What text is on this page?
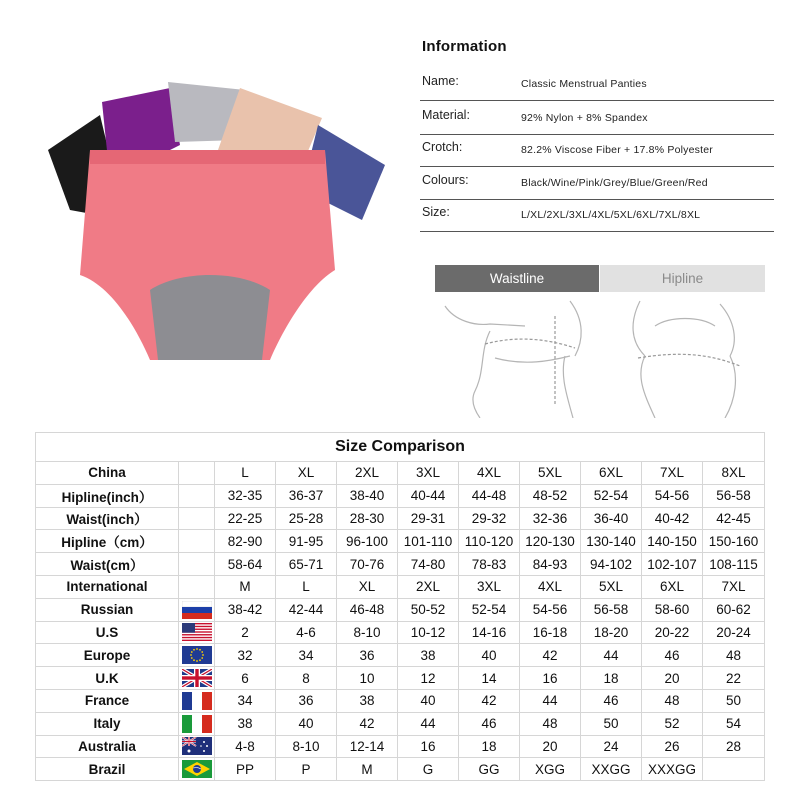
Information
Name:	Classic Menstrual Panties
Material:	92% Nylon + 8% Spandex
Crotch:	82.2% Viscose Fiber + 17.8% Polyester
Colours:	Black/Wine/Pink/Grey/Blue/Green/Red
Size:	L/XL/2XL/3XL/4XL/5XL/6XL/7XL/8XL
Waistline	Hipline
Size Comparison										
China		L	XL	2XL	3XL	4XL	5XL	6XL	7XL	8XL
Hipline(inch）		32-35	36-37	38-40	40-44	44-48	48-52	52-54	54-56	56-58
Waist(inch）		22-25	25-28	28-30	29-31	29-32	32-36	36-40	40-42	42-45
Hipline（cm）		82-90	91-95	96-100	101-110	110-120	120-130	130-140	140-150	150-160
Waist(cm）		58-64	65-71	70-76	74-80	78-83	84-93	94-102	102-107	108-115
International		M	L	XL	2XL	3XL	4XL	5XL	6XL	7XL
Russian		38-42	42-44	46-48	50-52	52-54	54-56	56-58	58-60	60-62
U.S		2	4-6	8-10	10-12	14-16	16-18	18-20	20-22	20-24
Europe		32	34	36	38	40	42	44	46	48
U.K		6	8	10	12	14	16	18	20	22
France		34	36	38	40	42	44	46	48	50
Italy		38	40	42	44	46	48	50	52	54
Australia		4-8	8-10	12-14	16	18	20	24	26	28
Brazil		PP	P	M	G	GG	XGG	XXGG	XXXGG	
